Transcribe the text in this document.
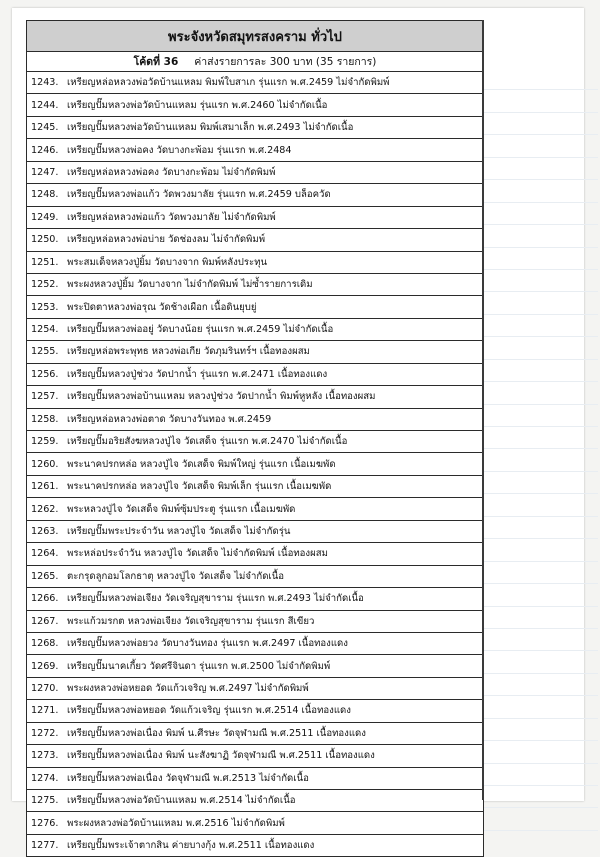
พระจังหวัดสมุทรสงคราม ทั่วไป
โค้ดที่ 36 ค่าส่งรายการละ 300 บาท (35 รายการ)
1243. เหรียญหล่อหลวงพ่อวัดบ้านแหลม พิมพ์ใบสาเก รุ่นแรก พ.ศ.2459 ไม่จำกัดพิมพ์
1244. เหรียญปั๊มหลวงพ่อวัดบ้านแหลม รุ่นแรก พ.ศ.2460 ไม่จำกัดเนื้อ
1245. เหรียญปั๊มหลวงพ่อวัดบ้านแหลม พิมพ์เสมาเล็ก พ.ศ.2493 ไม่จำกัดเนื้อ
1246. เหรียญปั๊มหลวงพ่อคง วัดบางกะพ้อม รุ่นแรก พ.ศ.2484
1247. เหรียญหล่อหลวงพ่อคง วัดบางกะพ้อม ไม่จำกัดพิมพ์
1248. เหรียญปั๊มหลวงพ่อแก้ว วัดพวงมาลัย รุ่นแรก พ.ศ.2459 บล็อควัด
1249. เหรียญหล่อหลวงพ่อแก้ว วัดพวงมาลัย ไม่จำกัดพิมพ์
1250. เหรียญหล่อหลวงพ่อบ่าย วัดช่องลม ไม่จำกัดพิมพ์
1251. พระสมเด็จหลวงปู่ยิ้ม วัดบางจาก พิมพ์หลังประทุน
1252. พระผงหลวงปู่ยิ้ม วัดบางจาก ไม่จำกัดพิมพ์ ไม่ซ้ำรายการเดิม
1253. พระปิดตาหลวงพ่อรุณ วัดช้างเผือก เนื้อดินยุบยู่
1254. เหรียญปั๊มหลวงพ่ออยู่ วัดบางน้อย รุ่นแรก พ.ศ.2459 ไม่จำกัดเนื้อ
1255. เหรียญหล่อพระพุทธ หลวงพ่อเกีย วัดภุมรินทร์ฯ เนื้อทองผสม
1256. เหรียญปั๊มหลวงปู่ช่วง วัดปากน้ำ รุ่นแรก พ.ศ.2471 เนื้อทองแดง
1257. เหรียญปั๊มหลวงพ่อบ้านแหลม หลวงปู่ช่วง วัดปากน้ำ พิมพ์หูหลัง เนื้อทองผสม
1258. เหรียญหล่อหลวงพ่อตาด วัดบางวันทอง พ.ศ.2459
1259. เหรียญปั๊มอริยสังฆหลวงปู่ไจ วัดเสด็จ รุ่นแรก พ.ศ.2470 ไม่จำกัดเนื้อ
1260. พระนาคปรกหล่อ หลวงปู่ไจ วัดเสด็จ พิมพ์ใหญ่ รุ่นแรก เนื้อเมฆพัด
1261. พระนาคปรกหล่อ หลวงปู่ไจ วัดเสด็จ พิมพ์เล็ก รุ่นแรก เนื้อเมฆพัด
1262. พระหลวงปู่ไจ วัดเสด็จ พิมพ์ซุ้มประตู รุ่นแรก เนื้อเมฆพัด
1263. เหรียญปั๊มพระประจำวัน หลวงปู่ไจ วัดเสด็จ ไม่จำกัดรุ่น
1264. พระหล่อประจำวัน หลวงปู่ไจ วัดเสด็จ ไม่จำกัดพิมพ์ เนื้อทองผสม
1265. ตะกรุดลูกอมโลกธาตุ หลวงปู่ไจ วัดเสด็จ ไม่จำกัดเนื้อ
1266. เหรียญปั๊มหลวงพ่อเจียง วัดเจริญสุขาราม รุ่นแรก พ.ศ.2493 ไม่จำกัดเนื้อ
1267. พระแก้วมรกต หลวงพ่อเจียง วัดเจริญสุขาราม รุ่นแรก สีเขียว
1268. เหรียญปั๊มหลวงพ่อยวง วัดบางวันทอง รุ่นแรก พ.ศ.2497 เนื้อทองแดง
1269. เหรียญปั๊มนาคเกี้ยว วัดศรีจินดา รุ่นแรก พ.ศ.2500 ไม่จำกัดพิมพ์
1270. พระผงหลวงพ่อหยอด วัดแก้วเจริญ พ.ศ.2497 ไม่จำกัดพิมพ์
1271. เหรียญปั๊มหลวงพ่อหยอด วัดแก้วเจริญ รุ่นแรก พ.ศ.2514 เนื้อทองแดง
1272. เหรียญปั๊มหลวงพ่อเนื่อง พิมพ์ น.ศีรษะ วัดจุฬามณี พ.ศ.2511 เนื้อทองแดง
1273. เหรียญปั๊มหลวงพ่อเนื่อง พิมพ์ นะสังฆาฏิ วัดจุฬามณี พ.ศ.2511 เนื้อทองแดง
1274. เหรียญปั๊มหลวงพ่อเนื่อง วัดจุฬามณี พ.ศ.2513 ไม่จำกัดเนื้อ
1275. เหรียญปั๊มหลวงพ่อวัดบ้านแหลม พ.ศ.2514 ไม่จำกัดเนื้อ
1276. พระผงหลวงพ่อวัดบ้านแหลม พ.ศ.2516 ไม่จำกัดพิมพ์
1277. เหรียญปั๊มพระเจ้าตากสิน ค่ายบางกุ้ง พ.ศ.2511 เนื้อทองแดง
